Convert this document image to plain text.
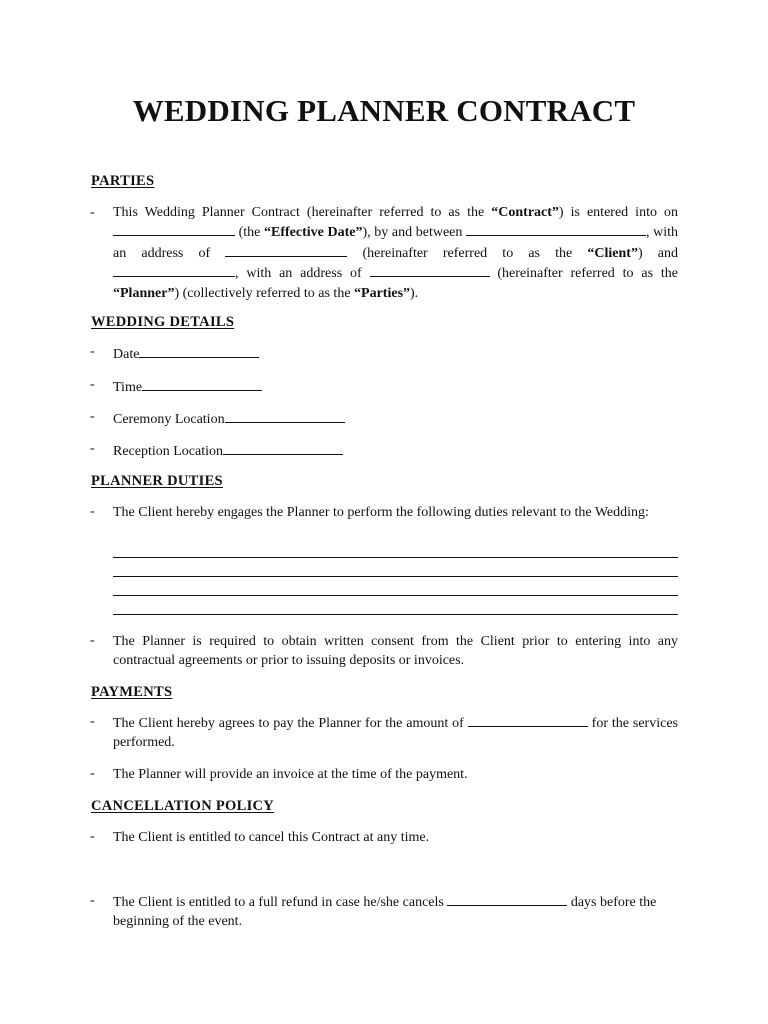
WEDDING PLANNER CONTRACT
PARTIES
- This Wedding Planner Contract (hereinafter referred to as the “Contract”) is entered into on  (the “Effective Date”), by and between	, with an address of	(hereinafter referred to as the “Client”) and , with an address of	(hereinafter referred to as the “Planner”) (collectively referred to as the “Parties”).
WEDDING DETAILS
- Date
- Time
- Ceremony Location
- Reception Location
PLANNER DUTIES
- The Client hereby engages the Planner to perform the following duties relevant to the Wedding:
- The Planner is required to obtain written consent from the Client prior to entering into any contractual agreements or prior to issuing deposits or invoices.
PAYMENTS
- The Client hereby agrees to pay the Planner for the amount of	for the services performed.
- The Planner will provide an invoice at the time of the payment.
CANCELLATION POLICY
- The Client is entitled to cancel this Contract at any time.
- The Client is entitled to a full refund in case he/she cancels	days before the beginning of the event.
